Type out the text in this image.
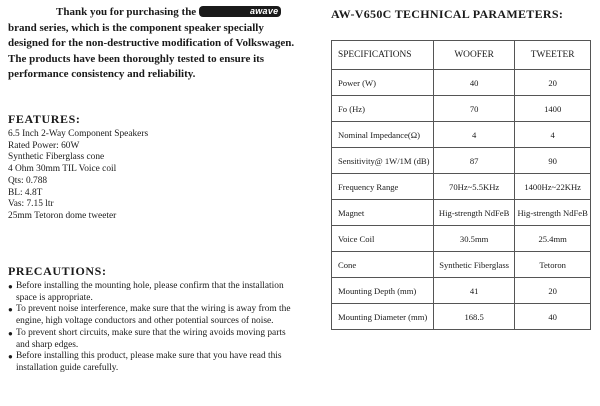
Thank you for purchasing the	awave brand series, which is the component speaker specially designed for the non-destructive modification of Volkswagen. The products have been thoroughly tested to ensure its performance consistency and reliability.

FEATURES:
6.5 Inch 2-Way Component Speakers
Rated Power: 60W
Synthetic Fiberglass cone
4 Ohm 30mm TIL Voice coil
Qts: 0.788
BL: 4.8T
Vas: 7.15 ltr
25mm Tetoron dome tweeter
PRECAUTIONS:
● Before installing the mounting hole, please confirm that the installation space is appropriate.
● To prevent noise interference, make sure that the wiring is away from the engine, high voltage conductors and other potential sources of noise.
● To prevent short circuits, make sure that the wiring avoids moving parts and sharp edges.
● Before installing this product, please make sure that you have read this installation guide carefully.
AW-V650C TECHNICAL PARAMETERS:
SPECIFICATIONS	WOOFER	TWEETER
Power (W)	40	20
Fo (Hz)	70	1400
Nominal Impedance(Ω)	4	4
Sensitivity@ 1W/1M (dB)	87	90
Frequency Range	70Hz~5.5KHz	1400Hz~22KHz
Magnet	Hig-strength NdFeB	Hig-strength NdFeB
Voice Coil	30.5mm	25.4mm
Cone	Synthetic Fiberglass	Tetoron
Mounting Depth (mm)	41	20
Mounting Diameter (mm)	168.5	40
